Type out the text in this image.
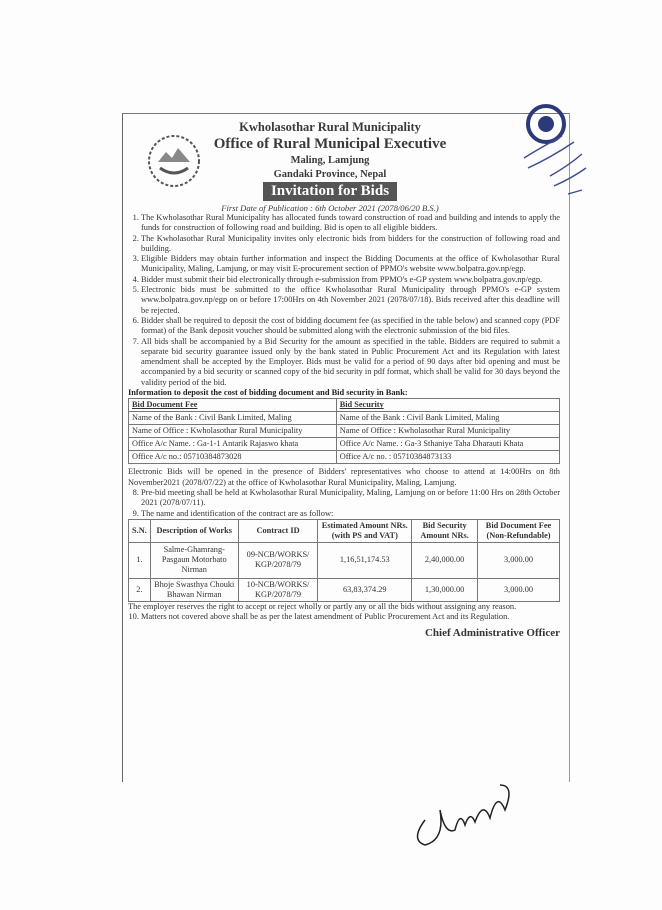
Kwholasothar Rural Municipality
Office of Rural Municipal Executive
Maling, Lamjung
Gandaki Province, Nepal
Invitation for Bids
First Date of Publication : 6th October 2021 (2078/06/20 B.S.)
1. The Kwholasothar Rural Municipality has allocated funds toward construction of road and building and intends to apply the funds for construction of following road and building. Bid is open to all eligible bidders.
2. The Kwholasothar Rural Municipality invites only electronic bids from bidders for the construction of following road and building.
3. Eligible Bidders may obtain further information and inspect the Bidding Documents at the office of Kwholasothar Rural Municipality, Maling, Lamjung, or may visit E-procurement section of PPMO's website www.bolpatra.gov.np/egp.
4. Bidder must submit their bid electronically through e-submission from PPMO's e-GP system www.bolpatra.gov.np/egp.
5. Electronic bids must be submitted to the office Kwholasothar Rural Municipality through PPMO's e-GP system www.bolpatra.gov.np/egp on or before 17:00Hrs on 4th November 2021 (2078/07/18). Bids received after this deadline will be rejected.
6. Bidder shall be required to deposit the cost of bidding document fee (as specified in the table below) and scanned copy (PDF format) of the Bank deposit voucher should be submitted along with the electronic submission of the bid files.
7. All bids shall be accompanied by a Bid Security for the amount as specified in the table. Bidders are required to submit a separate bid security guarantee issued only by the bank stated in Public Procurement Act and its Regulation with latest amendment shall be accepted by the Employer. Bids must be valid for a period of 90 days after bid opening and must be accompanied by a bid security or scanned copy of the bid security in pdf format, which shall be valid for 30 days beyond the validity period of the bid.
Information to deposit the cost of bidding document and Bid security in Bank:
Bid Document Fee	Bid Security
Name of the Bank : Civil Bank Limited, Maling	Name of the Bank : Civil Bank Limited, Maling
Name of Office : Kwholasothar Rural Municipality	Name of Office : Kwholasothar Rural Municipality
Office A/c Name. : Ga-1-1 Antarik Rajaswo khata	Office A/c Name. : Ga-3 Sthaniye Taha Dharauti Khata
Office A/c no.: 05710384873028	Office A/c no. : 05710384873133
Electronic Bids will be opened in the presence of Bidders' representatives who choose to attend at 14:00Hrs on 8th November2021 (2078/07/22) at the office of Kwholasothar Rural Municipality, Maling, Lamjung.
8. Pre-bid meeting shall be held at Kwholasothar Rural Municipality, Maling, Lamjung on or before 11:00 Hrs on 28th October 2021 (2078/07/11).
9. The name and identification of the contract are as follow:
S.N.	Description of Works	Contract ID	Estimated Amount NRs. (with PS and VAT)	Bid Security Amount NRs.	Bid Document Fee (Non-Refundable)
1.	Salme-Ghamrang-Pasgaun Motorbato Nirman	09-NCB/WORKS/ KGP/2078/79	1,16,51,174.53	2,40,000.00	3,000.00
2.	Bhoje Swasthya Chouki Bhawan Nirman	10-NCB/WORKS/ KGP/2078/79	63,83,374.29	1,30,000.00	3,000.00
The employer reserves the right to accept or reject wholly or partly any or all the bids without assigning any reason.
10. Matters not covered above shall be as per the latest amendment of Public Procurement Act and its Regulation.
Chief Administrative Officer
